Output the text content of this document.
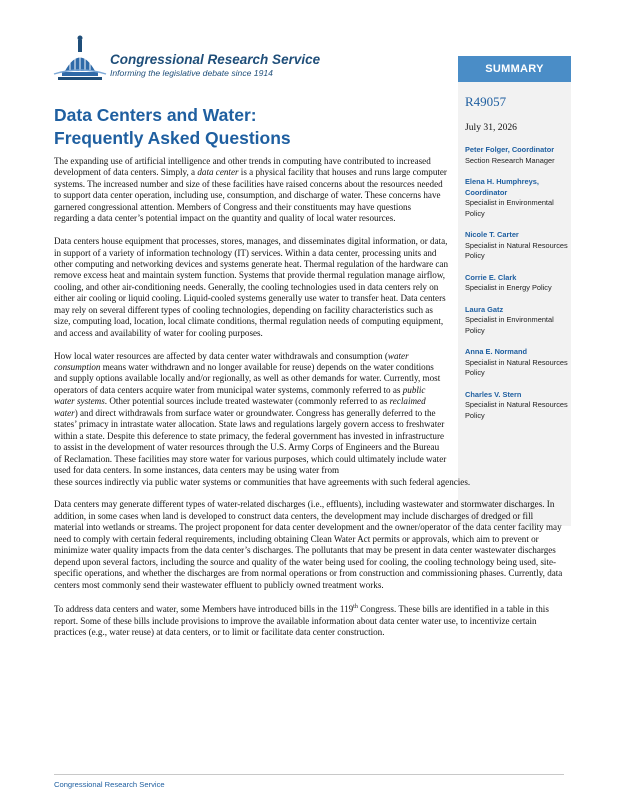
Congressional Research Service
Informing the legislative debate since 1914
Data Centers and Water:
Frequently Asked Questions
SUMMARY
R49057
July 31, 2026
Peter Folger, Coordinator
Section Research Manager
Elena H. Humphreys, Coordinator
Specialist in Environmental Policy
Nicole T. Carter
Specialist in Natural Resources Policy
Corrie E. Clark
Specialist in Energy Policy
Laura Gatz
Specialist in Environmental Policy
Anna E. Normand
Specialist in Natural Resources Policy
Charles V. Stern
Specialist in Natural Resources Policy

The expanding use of artificial intelligence and other trends in computing have contributed to increased development of data centers. Simply, a data center is a physical facility that houses and runs large computer systems. The increased number and size of these facilities have raised concerns about the resources needed to support data center operation, including use, consumption, and discharge of water. These concerns have garnered congressional attention. Members of Congress and their constituents may have questions regarding a data center’s potential impact on the quantity and quality of local water resources.

Data centers house equipment that processes, stores, manages, and disseminates digital information, or data, in support of a variety of information technology (IT) services. Within a data center, processing units and other computing and networking devices and systems generate heat. Thermal regulation of the hardware can remove excess heat and maintain system function. Systems that provide thermal regulation manage airflow, cooling, and other air-conditioning needs. Generally, the cooling technologies used in data centers rely on either air cooling or liquid cooling. Liquid-cooled systems generally use water to transfer heat. Data centers may rely on several different types of cooling technologies, depending on facility characteristics such as size, computing load, location, local climate conditions, thermal regulation needs of computing equipment, and access and availability of water for cooling purposes.

How local water resources are affected by data center water withdrawals and consumption (water consumption means water withdrawn and no longer available for reuse) depends on the water conditions and supply options available locally and/or regionally, as well as other demands for water. Currently, most operators of data centers acquire water from municipal water systems, commonly referred to as public water systems. Other potential sources include treated wastewater (commonly referred to as reclaimed water) and direct withdrawals from surface water or groundwater. Congress has generally deferred to the states’ primacy in intrastate water allocation. State laws and regulations largely govern access to freshwater within a state. Despite this deference to state primacy, the federal government has invested in infrastructure to assist in the development of water resources through the U.S. Army Corps of Engineers and the Bureau of Reclamation. These facilities may store water for various purposes, which could ultimately include water used for data centers. In some instances, data centers may be using water from
these sources indirectly via public water systems or communities that have agreements with such federal agencies.

Data centers may generate different types of water-related discharges (i.e., effluents), including wastewater and stormwater discharges. In addition, in some cases when land is developed to construct data centers, the development may include discharges of dredged or fill material into wetlands or streams. The project proponent for data center development and the owner/operator of the data center facility may need to comply with certain federal requirements, including obtaining Clean Water Act permits or approvals, which aim to prevent or minimize water quality impacts from the data center’s discharges. The pollutants that may be present in data center wastewater discharges depend upon several factors, including the source and quality of the water being used for cooling, the cooling technology being used, site-specific operations, and whether the discharges are from normal operations or from construction and commissioning phases. Currently, data centers most commonly send their wastewater effluent to publicly owned treatment works.

To address data centers and water, some Members have introduced bills in the 119th Congress. These bills are identified in a table in this report. Some of these bills include provisions to improve the available information about data center water use, to incentivize certain practices (e.g., water reuse) at data centers, or to limit or facilitate data center construction.

Congressional Research Service
